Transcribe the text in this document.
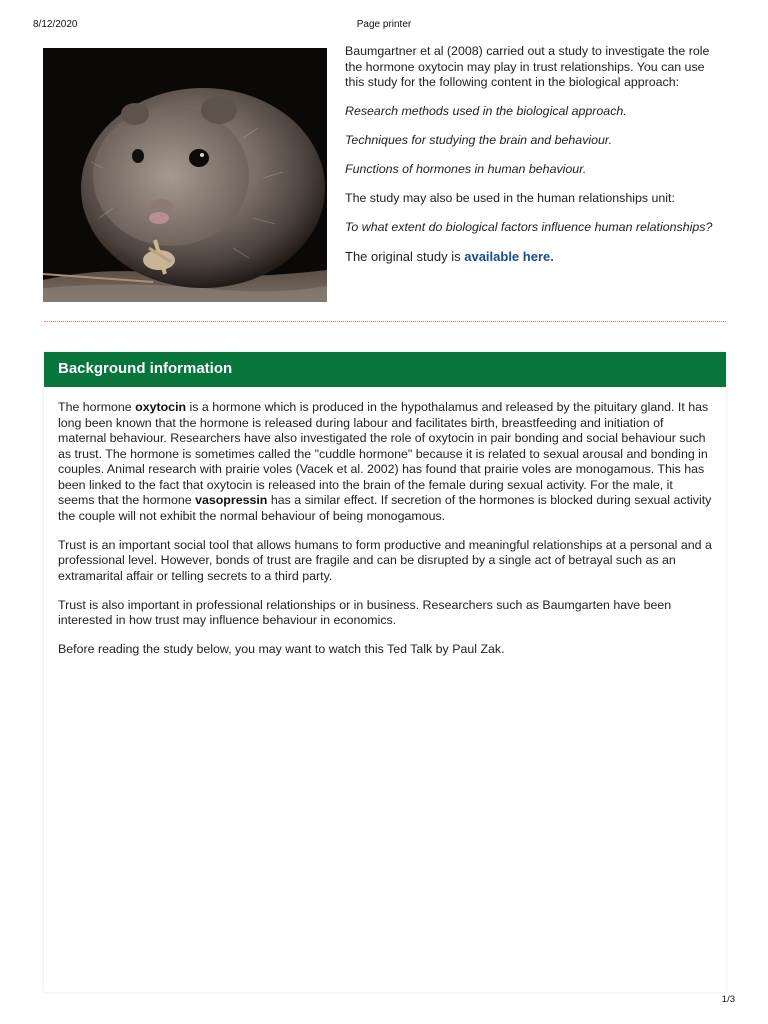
8/12/2020	Page printer

Baumgartner et al (2008) carried out a study to investigate the role the hormone oxytocin may play in trust relationships. You can use this study for the following content in the biological approach:

Research methods used in the biological approach.

Techniques for studying the brain and behaviour.

Functions of hormones in human behaviour.

The study may also be used in the human relationships unit:

To what extent do biological factors influence human relationships?

The original study is available here.

Background information

The hormone oxytocin is a hormone which is produced in the hypothalamus and released by the pituitary gland. It has long been known that the hormone is released during labour and facilitates birth, breastfeeding and initiation of maternal behaviour. Researchers have also investigated the role of oxytocin in pair bonding and social behaviour such as trust. The hormone is sometimes called the "cuddle hormone" because it is related to sexual arousal and bonding in couples. Animal research with prairie voles (Vacek et al. 2002) has found that prairie voles are monogamous. This has been linked to the fact that oxytocin is released into the brain of the female during sexual activity. For the male, it seems that the hormone vasopressin has a similar effect. If secretion of the hormones is blocked during sexual activity the couple will not exhibit the normal behaviour of being monogamous.

Trust is an important social tool that allows humans to form productive and meaningful relationships at a personal and a professional level. However, bonds of trust are fragile and can be disrupted by a single act of betrayal such as an extramarital affair or telling secrets to a third party.

Trust is also important in professional relationships or in business. Researchers such as Baumgarten have been interested in how trust may influence behaviour in economics.

Before reading the study below, you may want to watch this Ted Talk by Paul Zak.

1/3
